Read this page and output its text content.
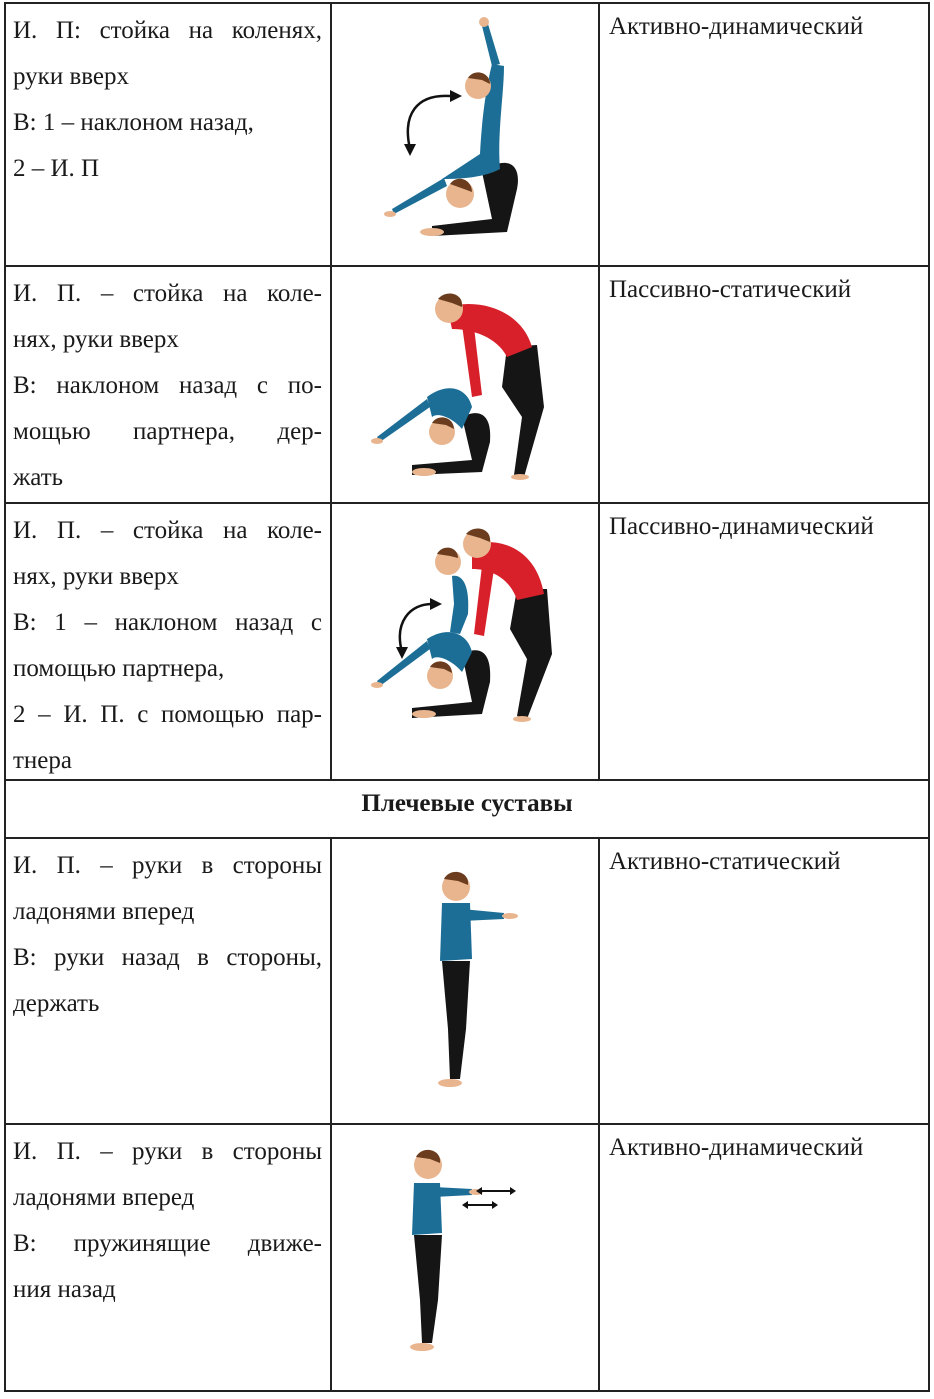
И. П: стойка на коленях,
руки вверх
В: 1 – наклоном назад,
2 – И. П
Активно-динамический
И. П. – стойка на коле-
нях, руки вверх
В: наклоном назад с по-
мощью партнера, дер-
жать
Пассивно-статический
И. П. – стойка на коле-
нях, руки вверх
В: 1 – наклоном назад с
помощью партнера,
2 – И. П. с помощью пар-
тнера
Пассивно-динамический
Плечевые суставы
И. П. – руки в стороны
ладонями вперед
В: руки назад в стороны,
держать
Активно-статический
И. П. – руки в стороны
ладонями вперед
В: пружинящие движе-
ния назад
Активно-динамический
